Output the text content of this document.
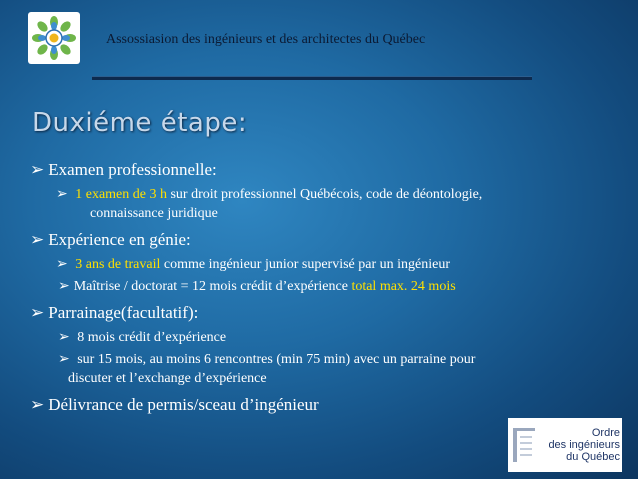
Assossiasion des ingénieurs et des architectes du Québec
Duxiéme étape:
➢ Examen professionnelle:
➢ 1 examen de 3 h sur droit professionnel Québécois, code de déontologie,
connaissance juridique
➢ Expérience en génie:
➢ 3 ans de travail comme ingénieur junior supervisé par un ingénieur
➢ Maîtrise / doctorat = 12 mois crédit d’expérience total max. 24 mois
➢ Parrainage(facultatif):
➢ 8 mois crédit d’expérience
➢ sur 15 mois, au moins 6 rencontres (min 75 min) avec un parraine pour
discuter et l’exchange d’expérience
➢ Délivrance de permis/sceau d’ingénieur
Ordre
des ingénieurs
du Québec
